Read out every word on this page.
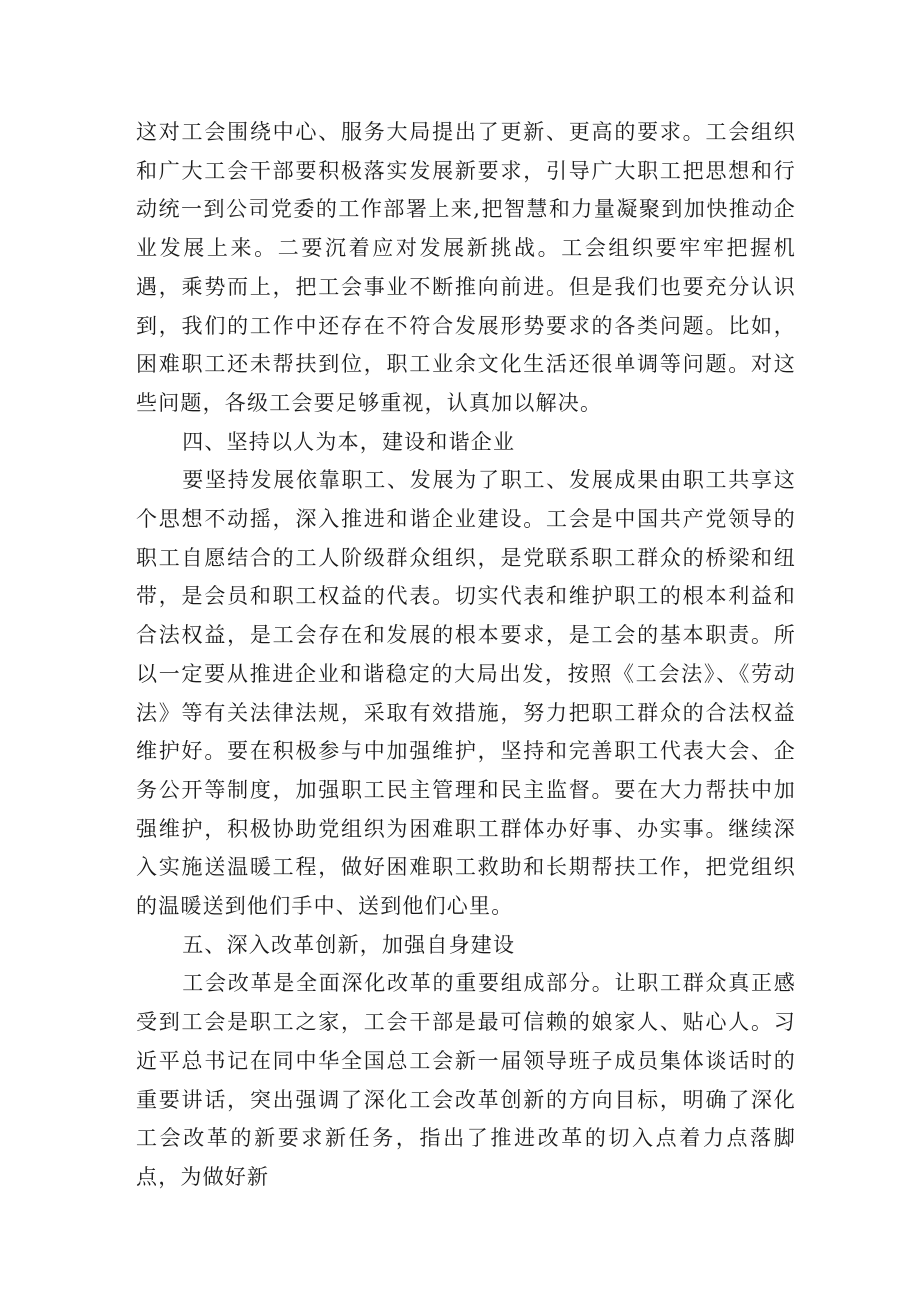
这对工会围绕中心、服务大局提出了更新、更高的要求。工会组织和广大工会干部要积极落实发展新要求，引导广大职工把思想和行动统一到公司党委的工作部署上来,把智慧和力量凝聚到加快推动企业发展上来。二要沉着应对发展新挑战。工会组织要牢牢把握机遇，乘势而上，把工会事业不断推向前进。但是我们也要充分认识到，我们的工作中还存在不符合发展形势要求的各类问题。比如，困难职工还未帮扶到位，职工业余文化生活还很单调等问题。对这些问题，各级工会要足够重视，认真加以解决。

四、坚持以人为本，建设和谐企业

要坚持发展依靠职工、发展为了职工、发展成果由职工共享这个思想不动摇，深入推进和谐企业建设。工会是中国共产党领导的职工自愿结合的工人阶级群众组织，是党联系职工群众的桥梁和纽带，是会员和职工权益的代表。切实代表和维护职工的根本利益和合法权益，是工会存在和发展的根本要求，是工会的基本职责。所以一定要从推进企业和谐稳定的大局出发，按照《工会法》、《劳动法》等有关法律法规，采取有效措施，努力把职工群众的合法权益维护好。要在积极参与中加强维护，坚持和完善职工代表大会、企务公开等制度，加强职工民主管理和民主监督。要在大力帮扶中加强维护，积极协助党组织为困难职工群体办好事、办实事。继续深入实施送温暖工程，做好困难职工救助和长期帮扶工作，把党组织的温暖送到他们手中、送到他们心里。

五、深入改革创新，加强自身建设

工会改革是全面深化改革的重要组成部分。让职工群众真正感受到工会是职工之家，工会干部是最可信赖的娘家人、贴心人。习近平总书记在同中华全国总工会新一届领导班子成员集体谈话时的重要讲话，突出强调了深化工会改革创新的方向目标，明确了深化工会改革的新要求新任务，指出了推进改革的切入点着力点落脚点，为做好新
